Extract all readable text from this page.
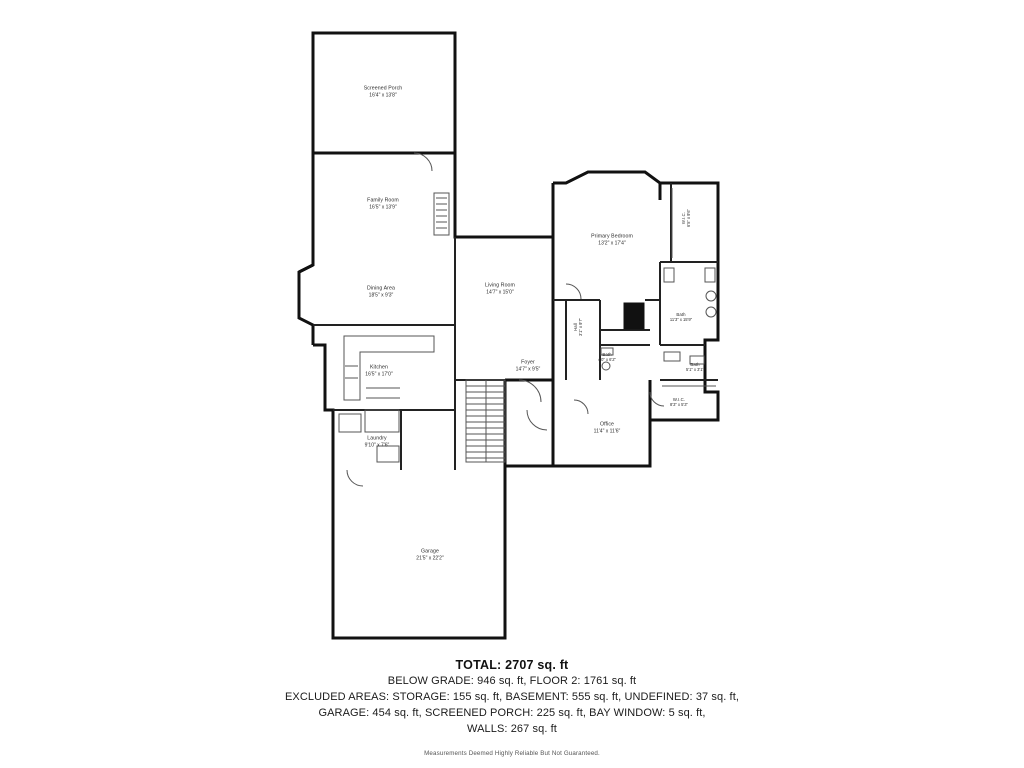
Screened Porch
16'4" x 13'8"
Family Room
16'5" x 13'9"
Dining Area
18'5" x 9'3"
Living Room
14'7" x 15'0"
Kitchen
16'5" x 17'0"
Foyer
14'7" x 9'5"
Laundry
9'10" x 7'6"
Garage
21'5" x 22'2"
Primary Bedroom
13'2" x 17'4"
W.I.C. 6'5" x 9'6"
Bath
11'3" x 15'9"
Hall 3'1" x 9'7"
Bath
4'0" x 6'2"
Bath
5'1" x 3'1"
W.I.C.
8'3" x 5'3"
Office
11'4" x 11'6"
TOTAL: 2707 sq. ft
BELOW GRADE: 946 sq. ft, FLOOR 2: 1761 sq. ft
EXCLUDED AREAS: STORAGE: 155 sq. ft, BASEMENT: 555 sq. ft, UNDEFINED: 37 sq. ft,
GARAGE: 454 sq. ft, SCREENED PORCH: 225 sq. ft, BAY WINDOW: 5 sq. ft,
WALLS: 267 sq. ft
Measurements Deemed Highly Reliable But Not Guaranteed.
